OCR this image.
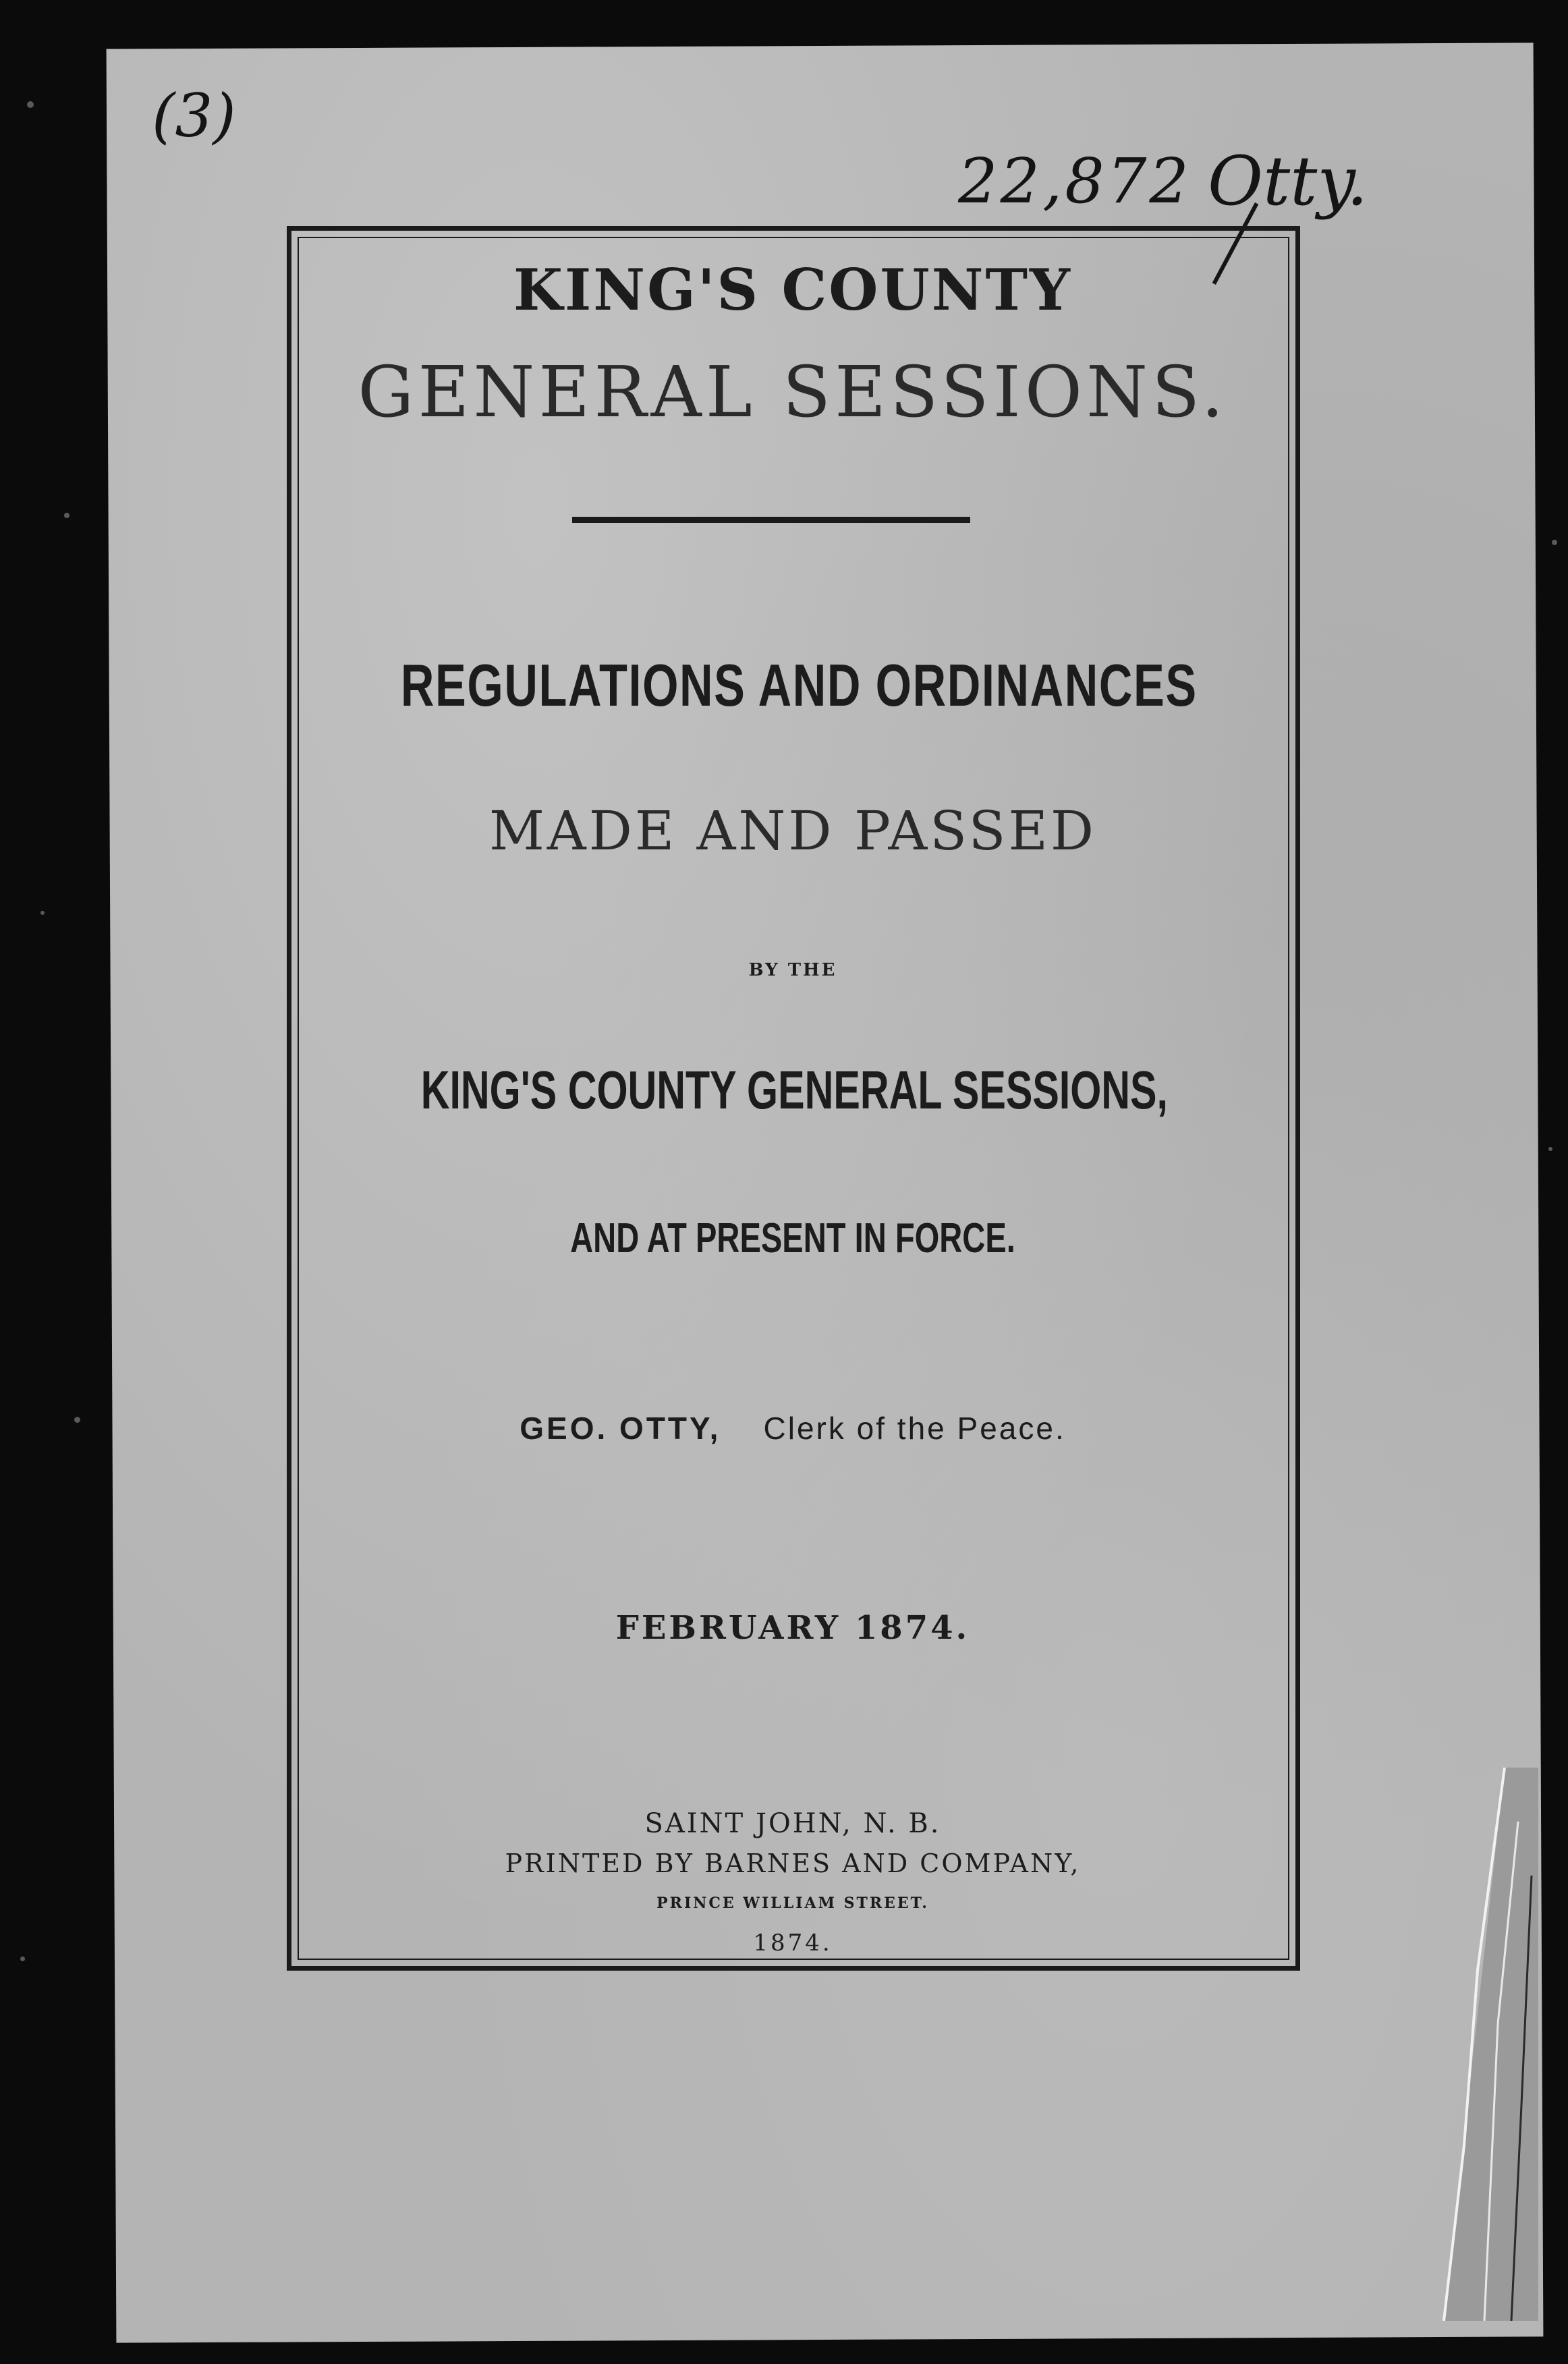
(3)
22,872 Otty.
KING'S COUNTY
GENERAL SESSIONS.
REGULATIONS AND ORDINANCES
MADE AND PASSED
BY THE
KING'S COUNTY GENERAL SESSIONS,
AND AT PRESENT IN FORCE.
GEO. OTTY, Clerk of the Peace.
FEBRUARY 1874.
SAINT JOHN, N. B.
PRINTED BY BARNES AND COMPANY,
PRINCE WILLIAM STREET.
1874.
